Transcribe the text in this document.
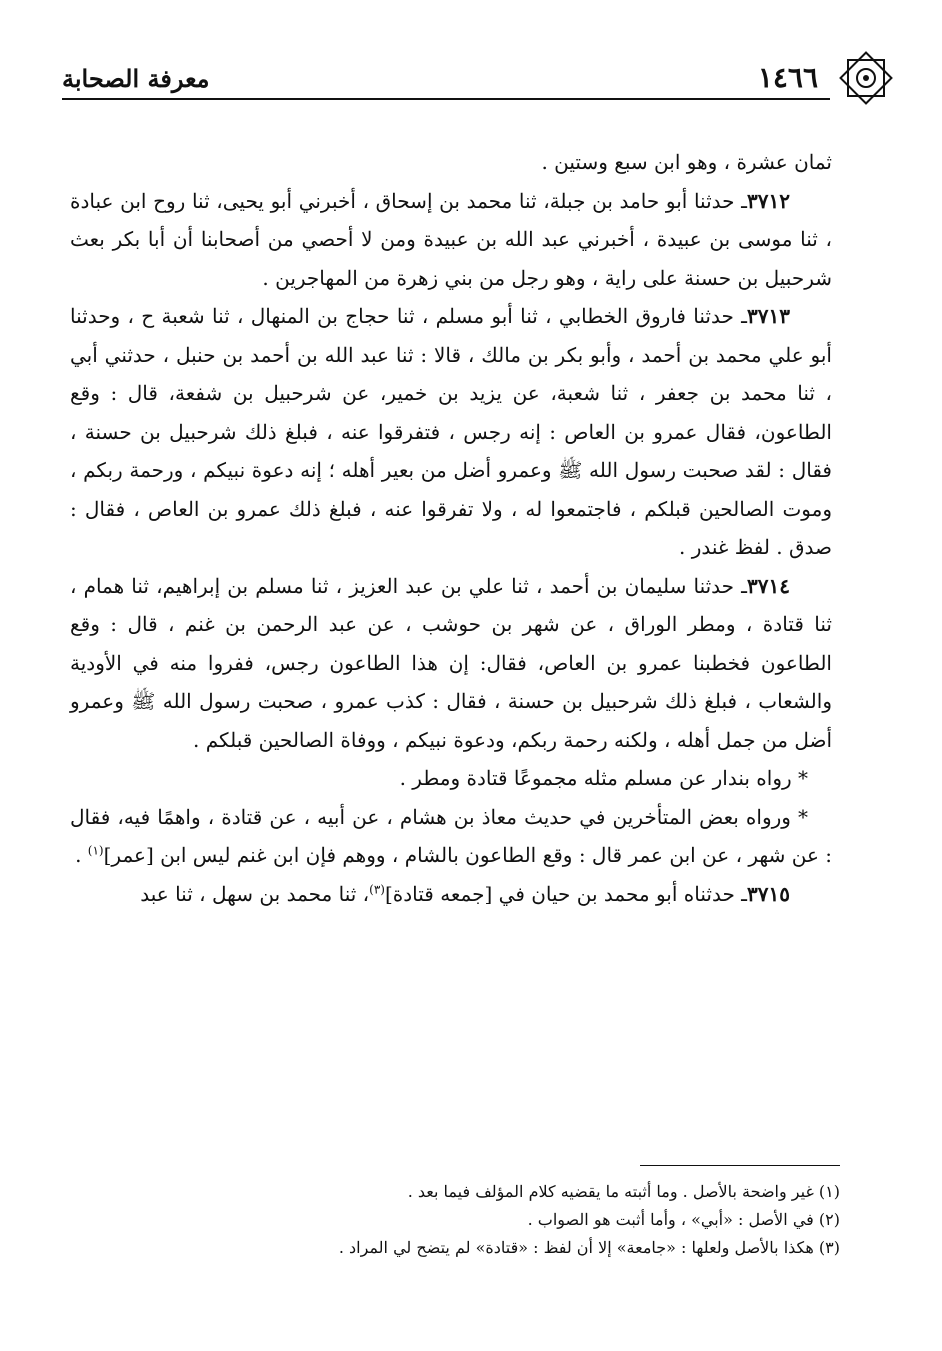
١٤٦٦
معرفة الصحابة

ثمان عشرة ، وهو ابن سبع وستين .

٣٧١٢ـ حدثنا أبو حامد بن جبلة، ثنا محمد بن إسحاق ، أخبرني أبو يحيى، ثنا روح ابن عبادة ، ثنا موسى بن عبيدة ، أخبرني عبد الله بن عبيدة ومن لا أحصي من أصحابنا أن أبا بكر بعث شرحبيل بن حسنة على راية ، وهو رجل من بني زهرة من المهاجرين .

٣٧١٣ـ حدثنا فاروق الخطابي ، ثنا أبو مسلم ، ثنا حجاج بن المنهال ، ثنا شعبة ح ، وحدثنا أبو علي محمد بن أحمد ، وأبو بكر بن مالك ، قالا : ثنا عبد الله بن أحمد بن حنبل ، حدثني أبي ، ثنا محمد بن جعفر ، ثنا شعبة، عن يزيد بن خمير، عن شرحبيل بن شفعة، قال : وقع الطاعون، فقال عمرو بن العاص : إنه رجس ، فتفرقوا عنه ، فبلغ ذلك شرحبيل بن حسنة ، فقال : لقد صحبت رسول الله ﷺ وعمرو أضل من بعير أهله ؛ إنه دعوة نبيكم ، ورحمة ربكم ، وموت الصالحين قبلكم ، فاجتمعوا له ، ولا تفرقوا عنه ، فبلغ ذلك عمرو بن العاص ، فقال : صدق . لفظ غندر .

٣٧١٤ـ حدثنا سليمان بن أحمد ، ثنا علي بن عبد العزيز ، ثنا مسلم بن إبراهيم، ثنا همام ، ثنا قتادة ، ومطر الوراق ، عن شهر بن حوشب ، عن عبد الرحمن بن غنم ، قال : وقع الطاعون فخطبنا عمرو بن العاص، فقال: إن هذا الطاعون رجس، ففروا منه في الأودية والشعاب ، فبلغ ذلك شرحبيل بن حسنة ، فقال : كذب عمرو ، صحبت رسول الله ﷺ وعمرو أضل من جمل أهله ، ولكنه رحمة ربكم، ودعوة نبيكم ، ووفاة الصالحين قبلكم .

* رواه بندار عن مسلم مثله مجموعًا قتادة ومطر .

* ورواه بعض المتأخرين في حديث معاذ بن هشام ، عن أبيه ، عن قتادة ، واهمًا فيه، فقال : عن شهر ، عن ابن عمر قال : وقع الطاعون بالشام ، ووهم فإن ابن غنم ليس ابن [عمر]$^{(١)}$ .

٣٧١٥ـ حدثناه أبو محمد بن حيان في [جمعه قتادة]$^{(٣)}$، ثنا محمد بن سهل ، ثنا عبد

(١) غير واضحة بالأصل . وما أثبته ما يقضيه كلام المؤلف فيما بعد .
(٢) في الأصل : «أبي» ، وأما أثبت هو الصواب .
(٣) هكذا بالأصل ولعلها : «جامعة» إلا أن لفظ : «قتادة» لم يتضح لي المراد .
